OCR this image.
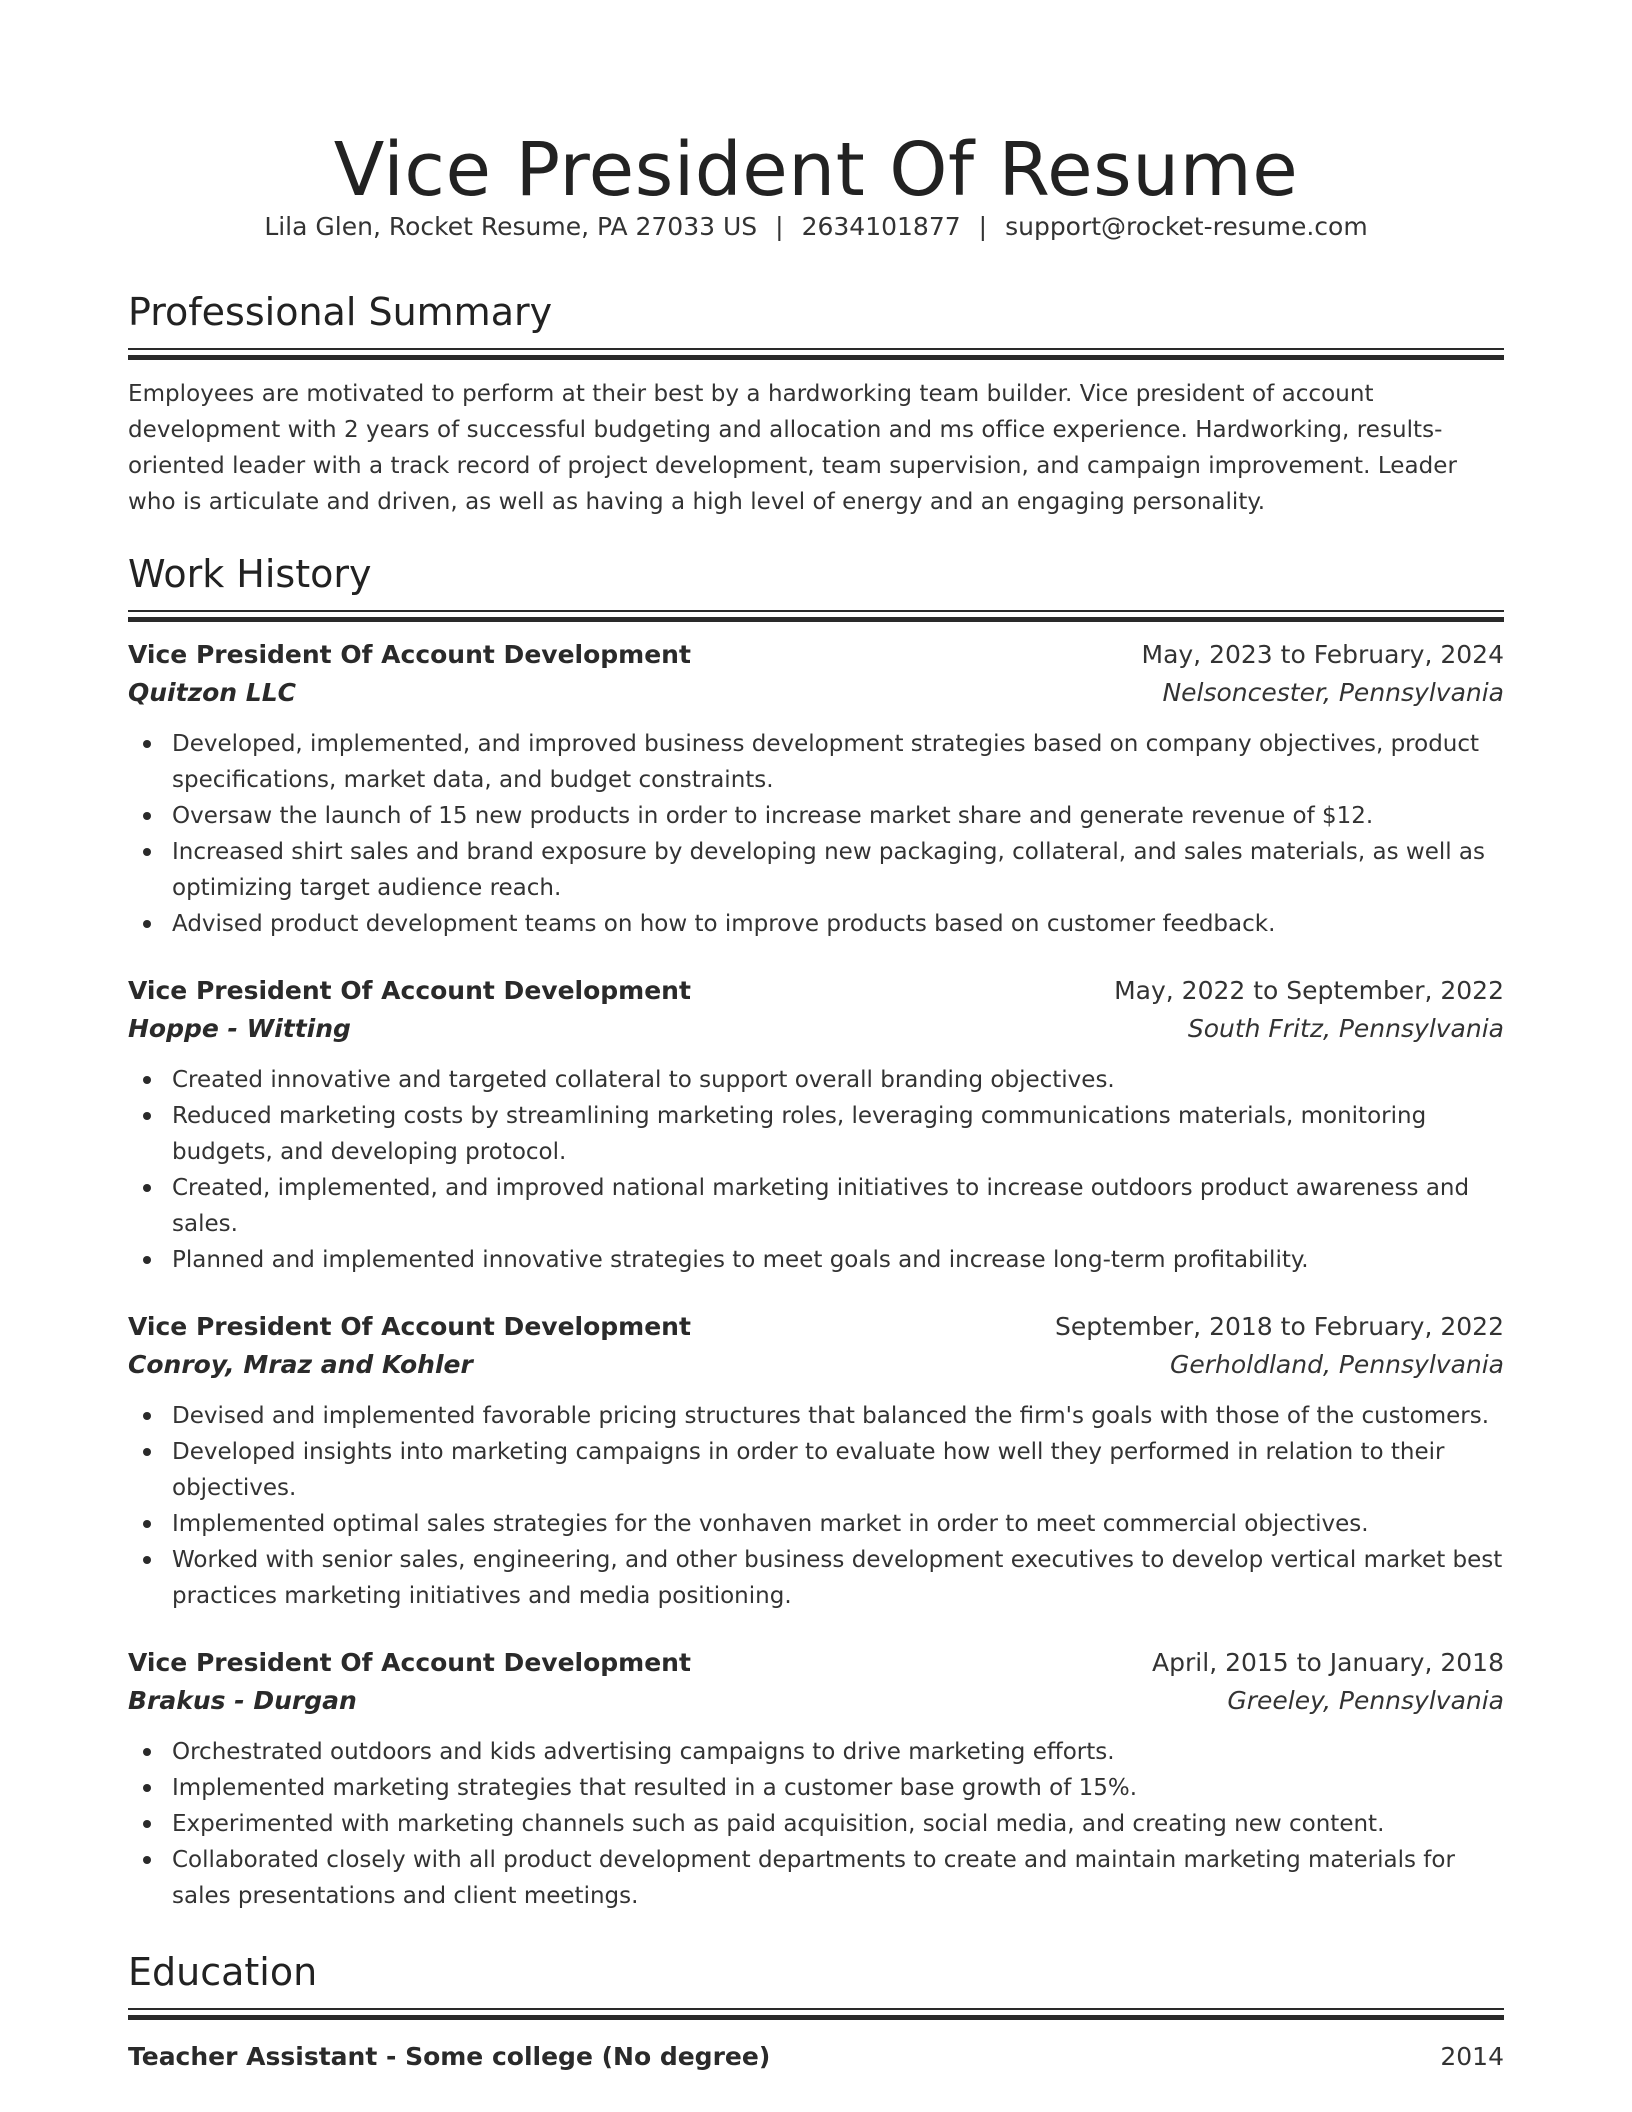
Vice President Of Resume
Lila Glen, Rocket Resume, PA 27033 US | 2634101877 | support@rocket-resume.com
Professional Summary

Employees are motivated to perform at their best by a hardworking team builder. Vice president of account development with 2 years of successful budgeting and allocation and ms office experience. Hardworking, results-oriented leader with a track record of project development, team supervision, and campaign improvement. Leader who is articulate and driven, as well as having a high level of energy and an engaging personality.

Work History
Vice President Of Account Development	May, 2023 to February, 2024
Quitzon LLC	Nelsoncester, Pennsylvania
Developed, implemented, and improved business development strategies based on company objectives, product specifications, market data, and budget constraints.
Oversaw the launch of 15 new products in order to increase market share and generate revenue of $12.
Increased shirt sales and brand exposure by developing new packaging, collateral, and sales materials, as well as optimizing target audience reach.
Advised product development teams on how to improve products based on customer feedback.
Vice President Of Account Development	May, 2022 to September, 2022
Hoppe - Witting	South Fritz, Pennsylvania
Created innovative and targeted collateral to support overall branding objectives.
Reduced marketing costs by streamlining marketing roles, leveraging communications materials, monitoring budgets, and developing protocol.
Created, implemented, and improved national marketing initiatives to increase outdoors product awareness and sales.
Planned and implemented innovative strategies to meet goals and increase long-term profitability.
Vice President Of Account Development	September, 2018 to February, 2022
Conroy, Mraz and Kohler	Gerholdland, Pennsylvania
Devised and implemented favorable pricing structures that balanced the firm's goals with those of the customers.
Developed insights into marketing campaigns in order to evaluate how well they performed in relation to their objectives.
Implemented optimal sales strategies for the vonhaven market in order to meet commercial objectives.
Worked with senior sales, engineering, and other business development executives to develop vertical market best practices marketing initiatives and media positioning.
Vice President Of Account Development	April, 2015 to January, 2018
Brakus - Durgan	Greeley, Pennsylvania
Orchestrated outdoors and kids advertising campaigns to drive marketing efforts.
Implemented marketing strategies that resulted in a customer base growth of 15%.
Experimented with marketing channels such as paid acquisition, social media, and creating new content.
Collaborated closely with all product development departments to create and maintain marketing materials for sales presentations and client meetings.
Education
Teacher Assistant - Some college (No degree)	2014
